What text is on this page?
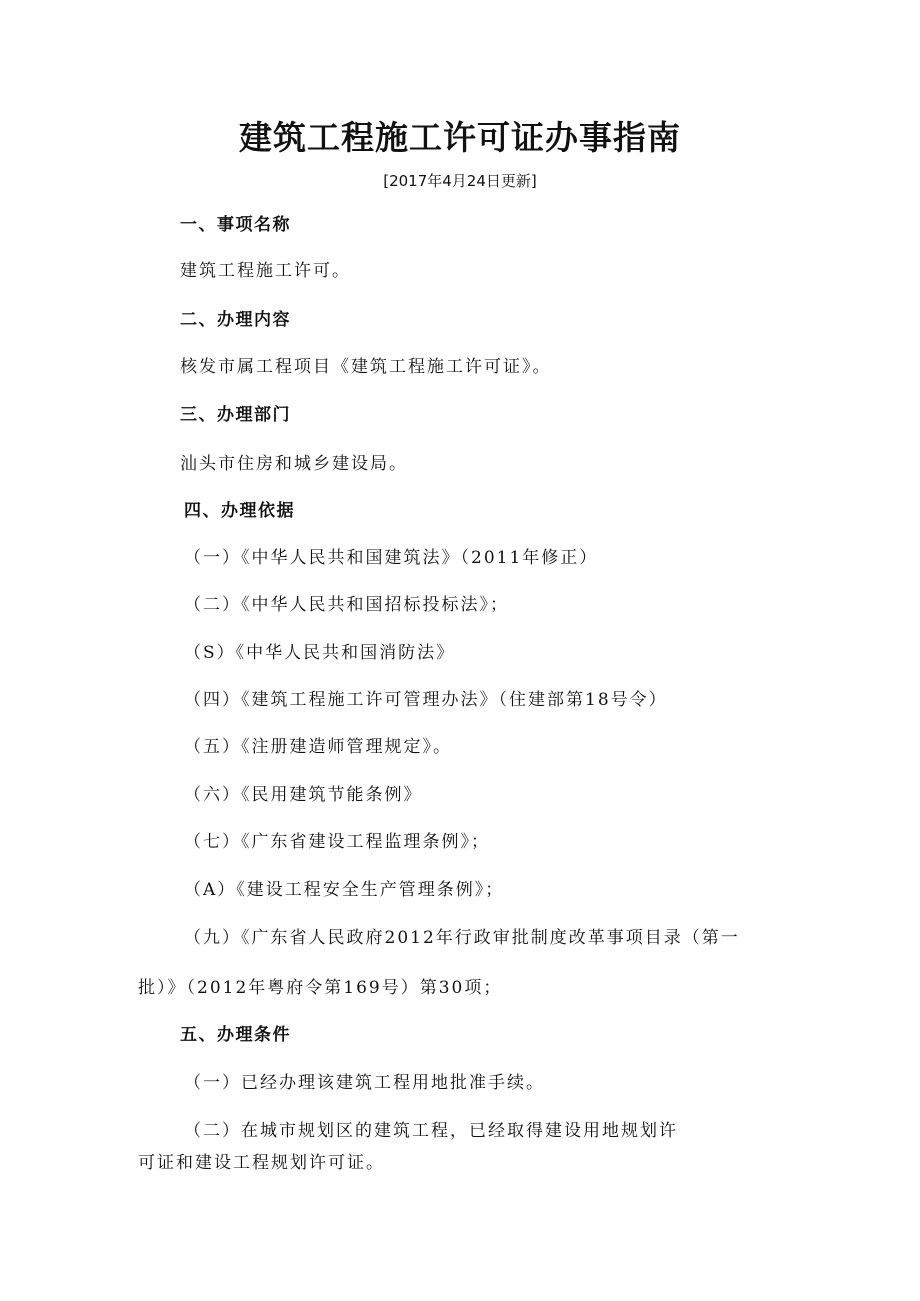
建筑工程施工许可证办事指南
[2017年4月24日更新]
一、事项名称
建筑工程施工许可。
二、办理内容
核发市属工程项目《建筑工程施工许可证》。
三、办理部门
汕头市住房和城乡建设局。
四、办理依据
（一）《中华人民共和国建筑法》（2011年修正）
（二）《中华人民共和国招标投标法》；
（S）《中华人民共和国消防法》
（四）《建筑工程施工许可管理办法》（住建部第18号令）
（五）《注册建造师管理规定》。
（六）《民用建筑节能条例》
（七）《广东省建设工程监理条例》；
（A）《建设工程安全生产管理条例》；
（九）《广东省人民政府2012年行政审批制度改革事项目录（第一
批）》（2012年粤府令第169号）第30项；
五、办理条件
（一）已经办理该建筑工程用地批准手续。
（二）在城市规划区的建筑工程，已经取得建设用地规划许
可证和建设工程规划许可证。
